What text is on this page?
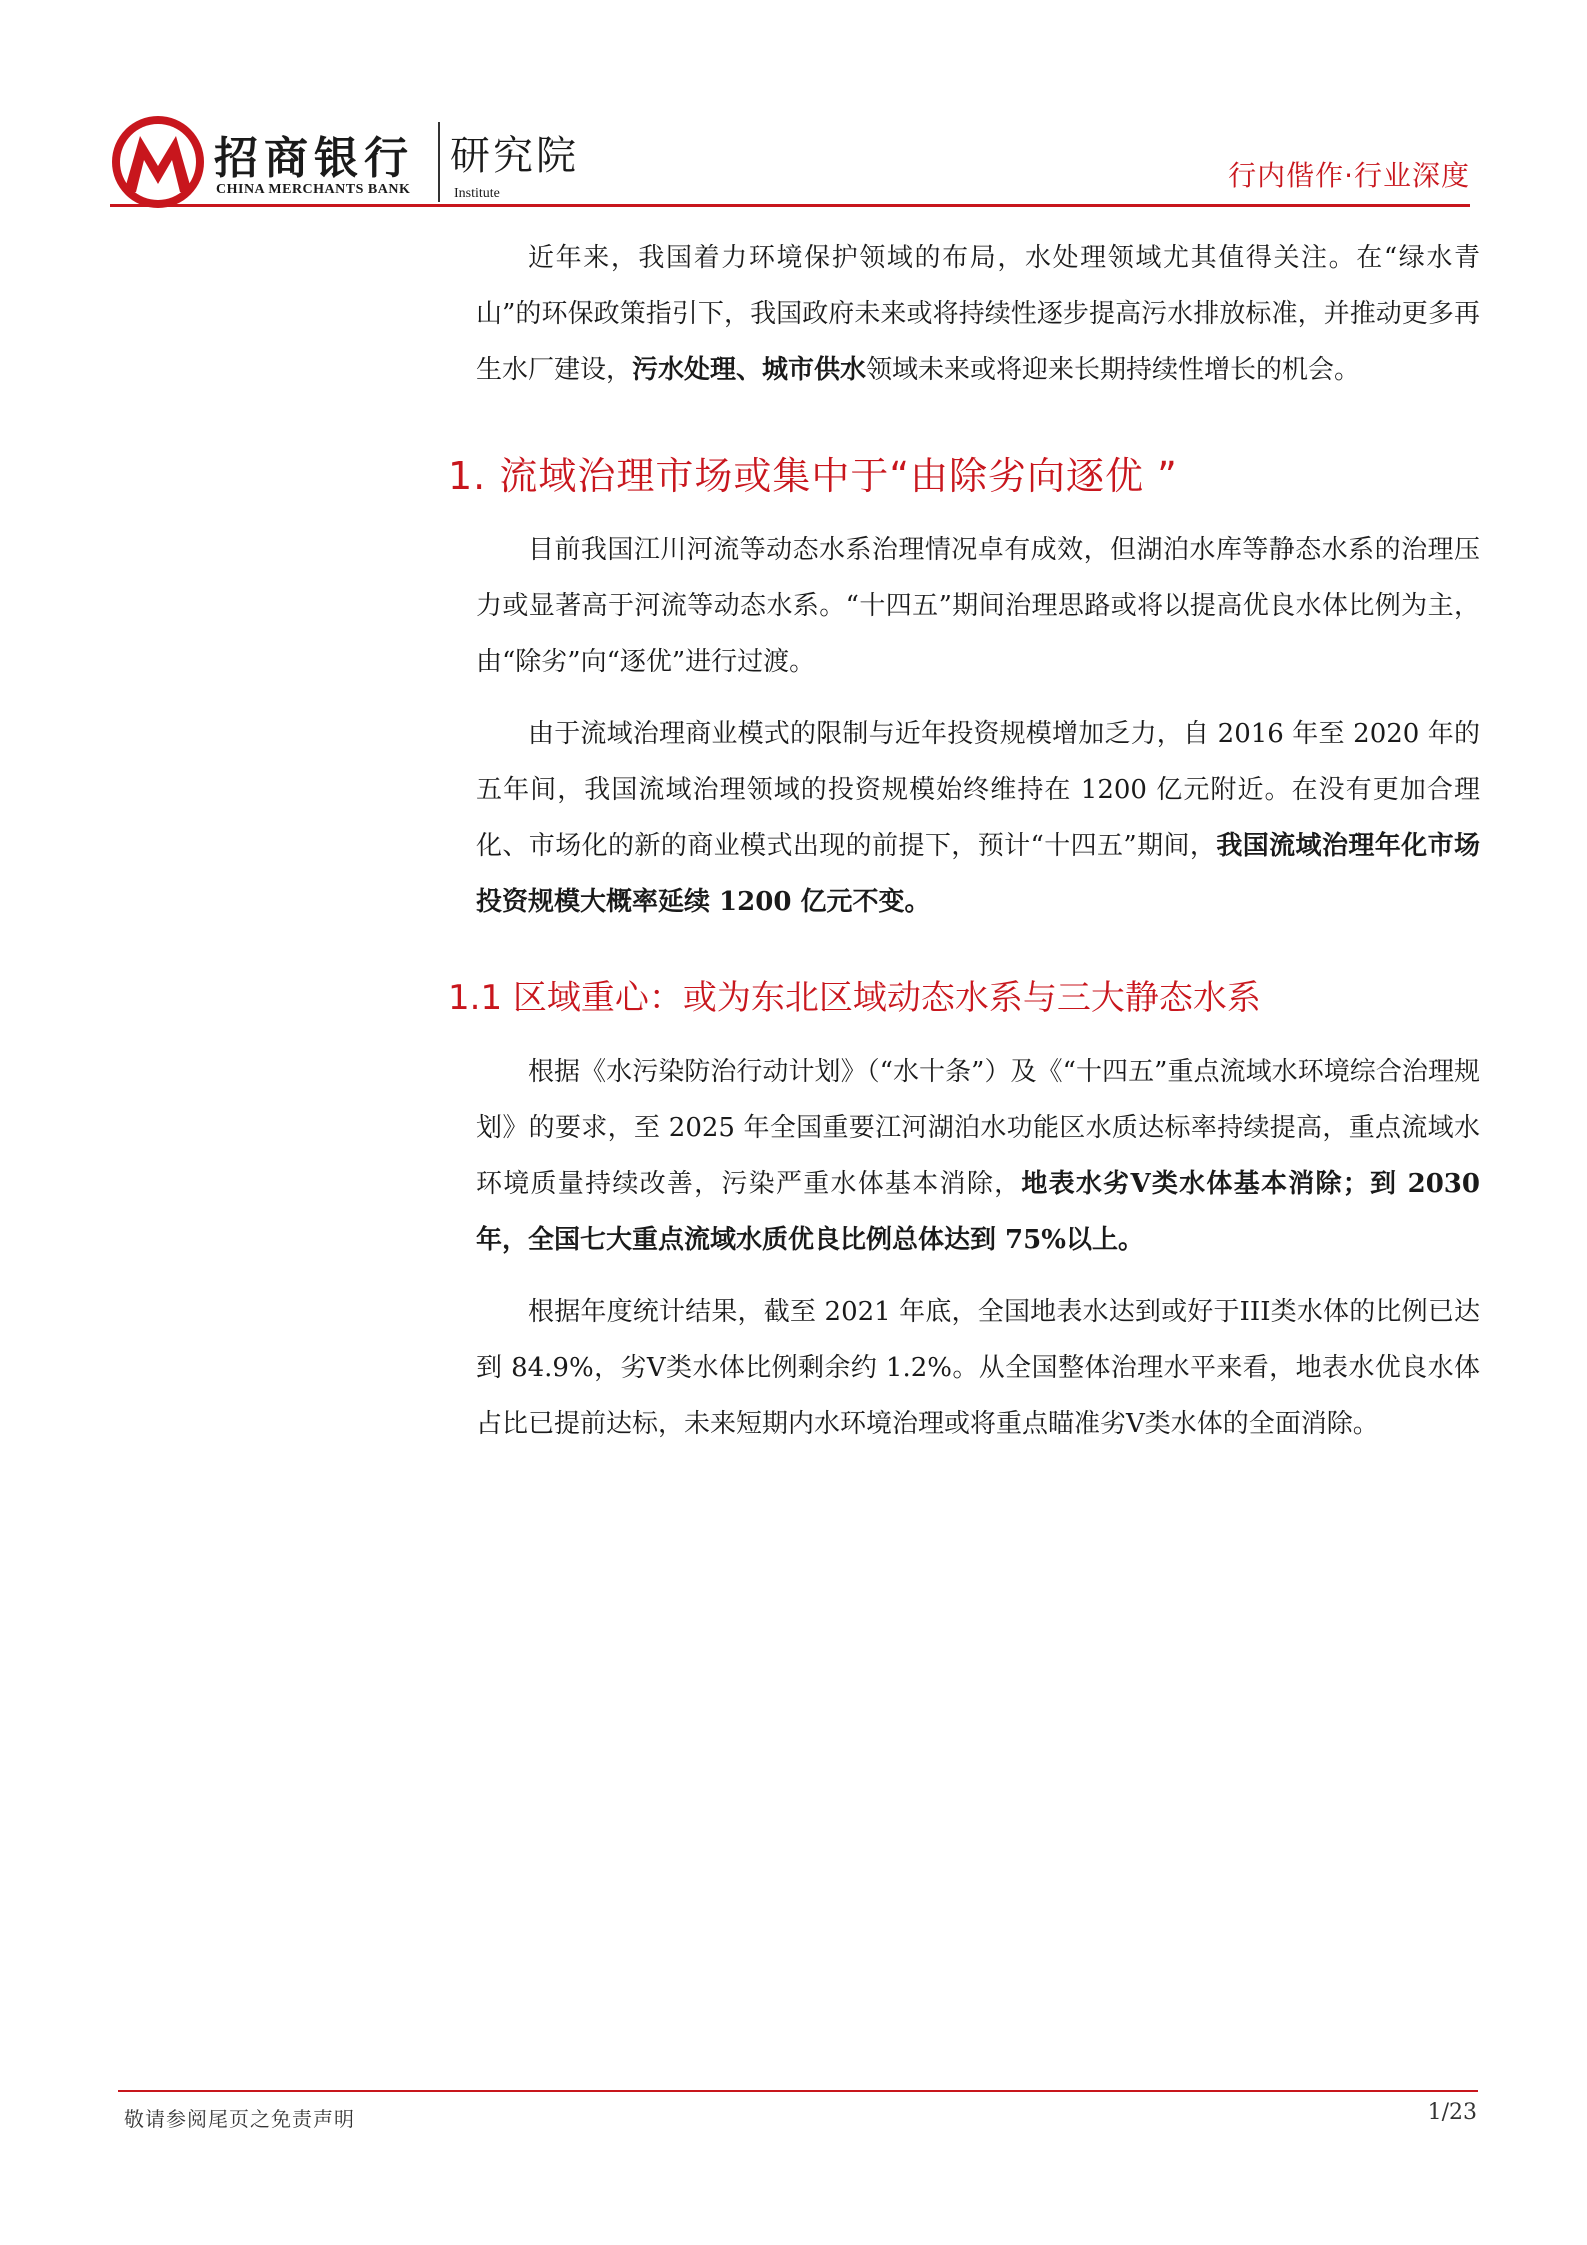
招商银行
CHINA MERCHANTS BANK
研究院
Institute
行内偕作·行业深度

近年来，我国着力环境保护领域的布局，水处理领域尤其值得关注。在“绿水青山”的环保政策指引下，我国政府未来或将持续性逐步提高污水排放标准，并推动更多再生水厂建设，污水处理、城市供水领域未来或将迎来长期持续性增长的机会。

1. 流域治理市场或集中于“由除劣向逐优 ”

目前我国江川河流等动态水系治理情况卓有成效，但湖泊水库等静态水系的治理压力或显著高于河流等动态水系。“十四五”期间治理思路或将以提高优良水体比例为主，由“除劣”向“逐优”进行过渡。

由于流域治理商业模式的限制与近年投资规模增加乏力，自 2016 年至 2020 年的五年间，我国流域治理领域的投资规模始终维持在 1200 亿元附近。在没有更加合理化、市场化的新的商业模式出现的前提下，预计“十四五”期间，我国流域治理年化市场投资规模大概率延续 1200 亿元不变。

1.1 区域重心：或为东北区域动态水系与三大静态水系

根据《水污染防治行动计划》（“水十条”）及《“十四五”重点流域水环境综合治理规划》的要求，至 2025 年全国重要江河湖泊水功能区水质达标率持续提高，重点流域水环境质量持续改善，污染严重水体基本消除，地表水劣Ⅴ类水体基本消除；到 2030 年，全国七大重点流域水质优良比例总体达到 75%以上。

根据年度统计结果，截至 2021 年底，全国地表水达到或好于III类水体的比例已达到 84.9%，劣Ⅴ类水体比例剩余约 1.2%。从全国整体治理水平来看，地表水优良水体占比已提前达标，未来短期内水环境治理或将重点瞄准劣Ⅴ类水体的全面消除。

敬请参阅尾页之免责声明	1/23
